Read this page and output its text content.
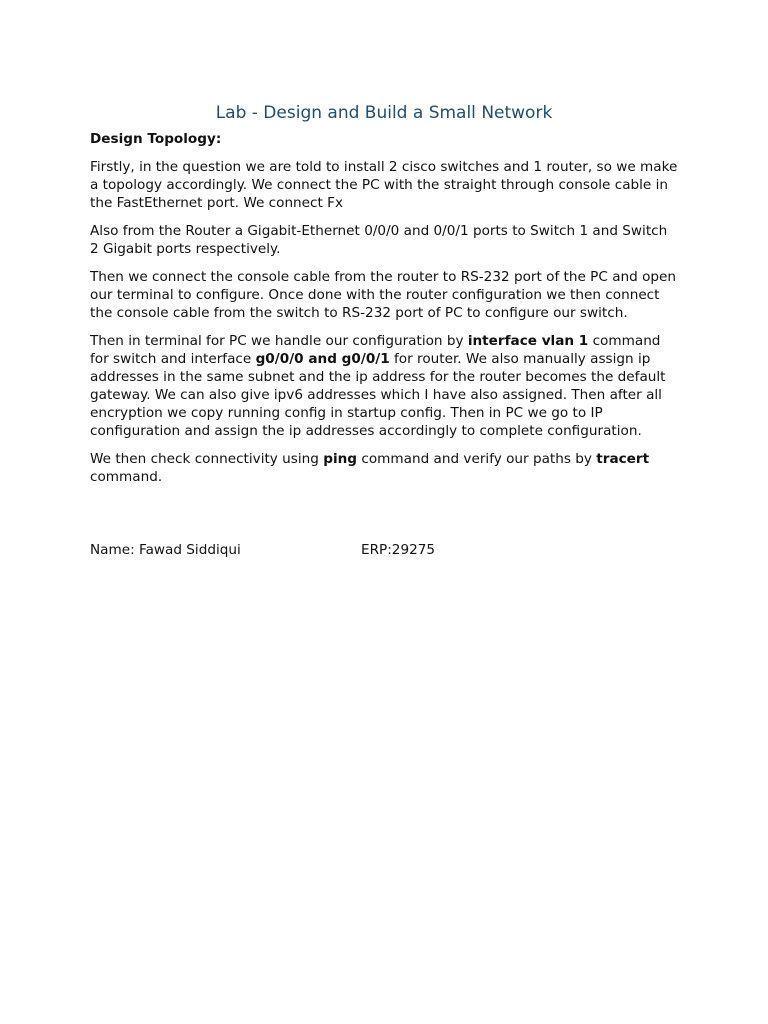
Lab - Design and Build a Small Network
Design Topology:

Firstly, in the question we are told to install 2 cisco switches and 1 router, so we make a topology accordingly. We connect the PC with the straight through console cable in the FastEthernet port. We connect Fx

Also from the Router a Gigabit-Ethernet 0/0/0 and 0/0/1 ports to Switch 1 and Switch 2 Gigabit ports respectively.

Then we connect the console cable from the router to RS-232 port of the PC and open our terminal to configure. Once done with the router configuration we then connect the console cable from the switch to RS-232 port of PC to configure our switch.

Then in terminal for PC we handle our configuration by interface vlan 1 command for switch and interface g0/0/0 and g0/0/1 for router. We also manually assign ip addresses in the same subnet and the ip address for the router becomes the default gateway. We can also give ipv6 addresses which I have also assigned. Then after all encryption we copy running config in startup config. Then in PC we go to IP configuration and assign the ip addresses accordingly to complete configuration.

We then check connectivity using ping command and verify our paths by tracert command.

Name: Fawad Siddiqui	ERP:29275
